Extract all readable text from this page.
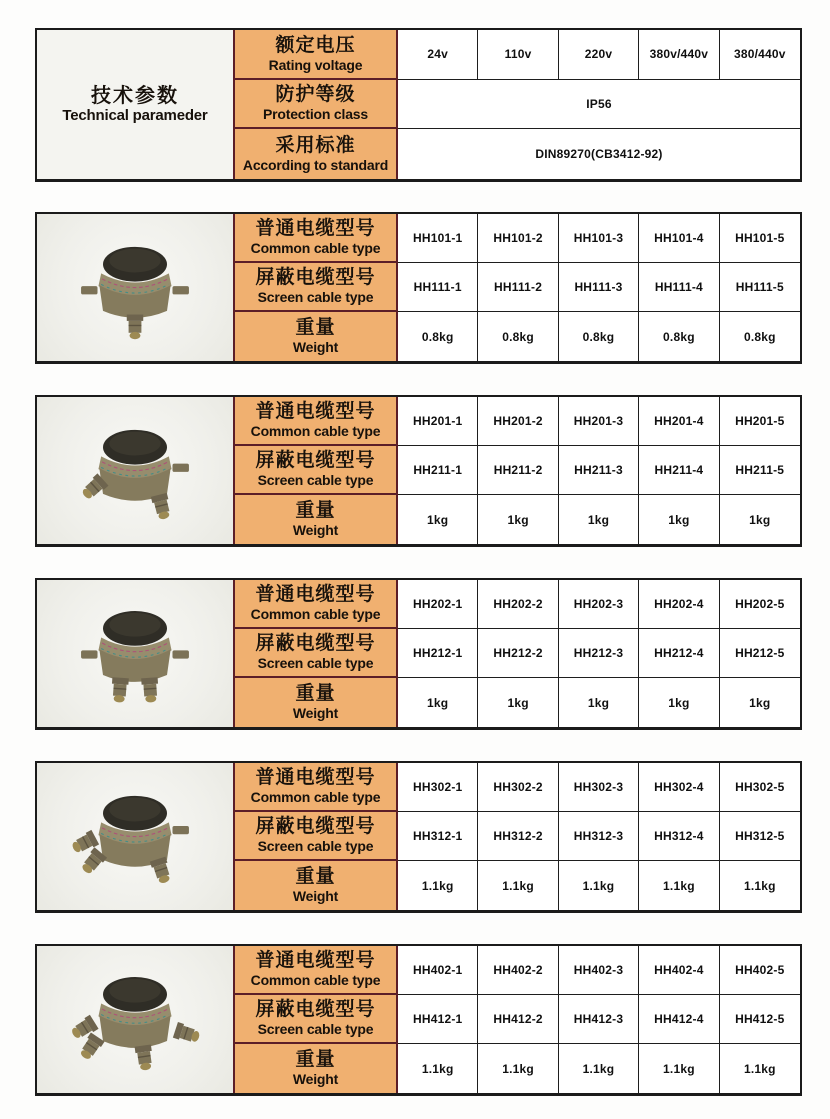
技术参数
Technical parameder
额定电压
Rating voltage
24v	110v	220v	380v/440v	380/440v
防护等级
Protection class
IP56
采用标准
According to standard
DIN89270(CB3412-92)
普通电缆型号
Common cable type
HH101-1	HH101-2	HH101-3	HH101-4	HH101-5
屏蔽电缆型号
Screen cable type
HH111-1	HH111-2	HH111-3	HH111-4	HH111-5
重量
Weight
0.8kg	0.8kg	0.8kg	0.8kg	0.8kg
普通电缆型号
Common cable type
HH201-1	HH201-2	HH201-3	HH201-4	HH201-5
屏蔽电缆型号
Screen cable type
HH211-1	HH211-2	HH211-3	HH211-4	HH211-5
重量
Weight
1kg	1kg	1kg	1kg	1kg
普通电缆型号
Common cable type
HH202-1	HH202-2	HH202-3	HH202-4	HH202-5
屏蔽电缆型号
Screen cable type
HH212-1	HH212-2	HH212-3	HH212-4	HH212-5
重量
Weight
1kg	1kg	1kg	1kg	1kg
普通电缆型号
Common cable type
HH302-1	HH302-2	HH302-3	HH302-4	HH302-5
屏蔽电缆型号
Screen cable type
HH312-1	HH312-2	HH312-3	HH312-4	HH312-5
重量
Weight
1.1kg	1.1kg	1.1kg	1.1kg	1.1kg
普通电缆型号
Common cable type
HH402-1	HH402-2	HH402-3	HH402-4	HH402-5
屏蔽电缆型号
Screen cable type
HH412-1	HH412-2	HH412-3	HH412-4	HH412-5
重量
Weight
1.1kg	1.1kg	1.1kg	1.1kg	1.1kg
